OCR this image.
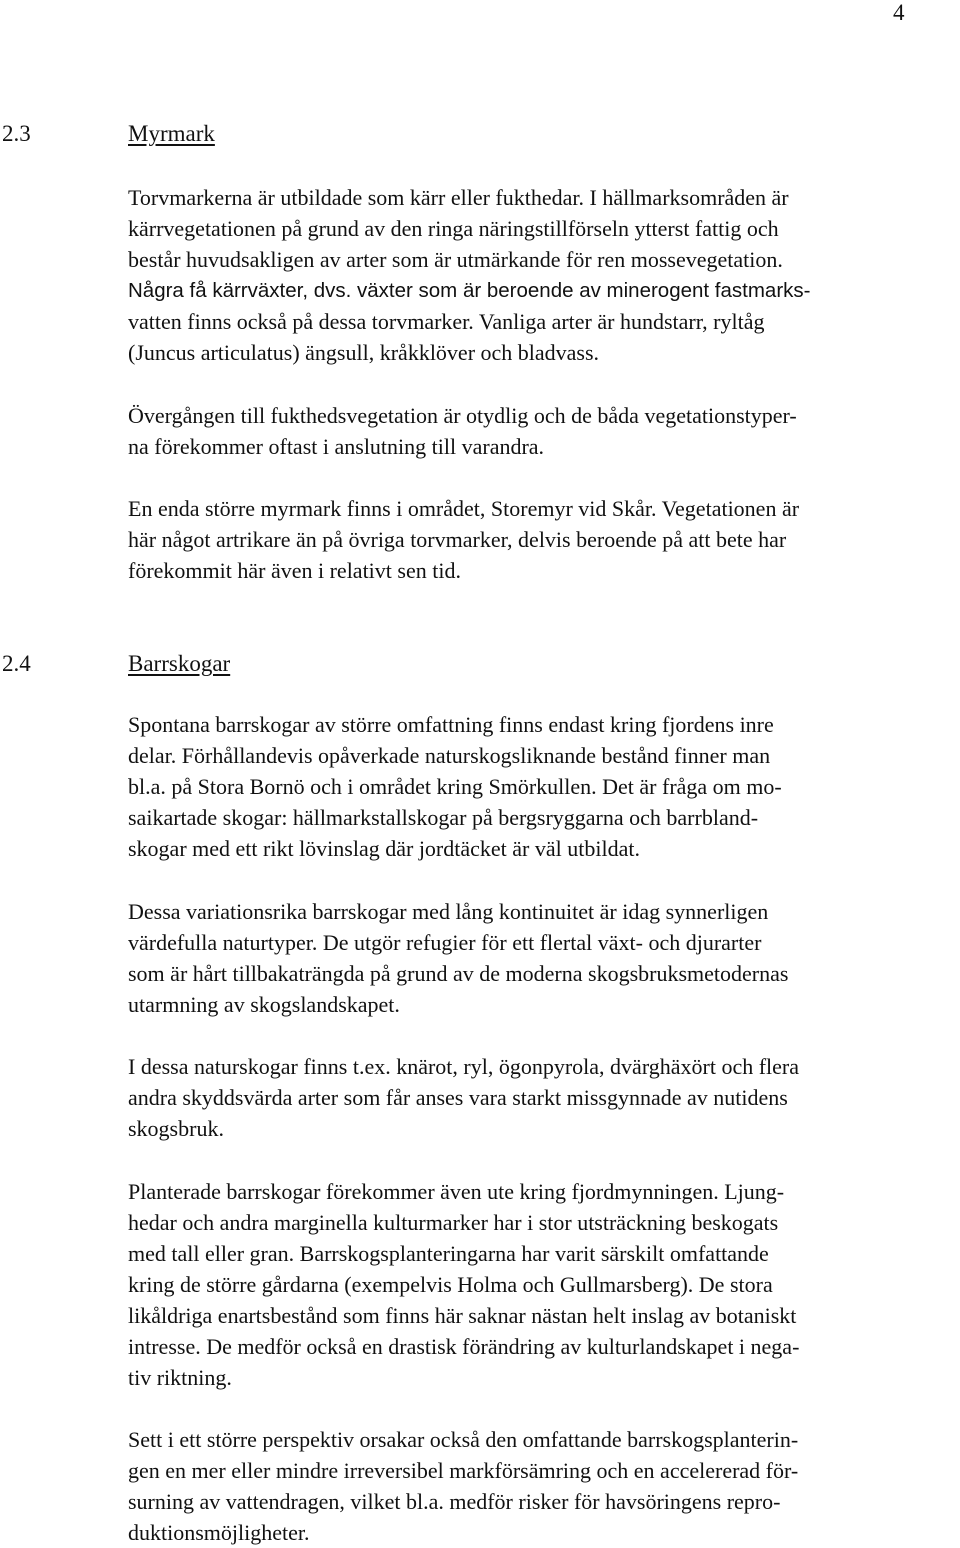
4
2.3	Myrmark
Torvmarkerna är utbildade som kärr eller fukthedar. I hällmarksområden är
kärrvegetationen på grund av den ringa näringstillförseln ytterst fattig och
består huvudsakligen av arter som är utmärkande för ren mossevegetation.
Några få kärrväxter, dvs. växter som är beroende av minerogent fastmarks-
vatten finns också på dessa torvmarker. Vanliga arter är hundstarr, ryltåg
(Juncus articulatus) ängsull, kråkklöver och bladvass.
Övergången till fukthedsvegetation är otydlig och de båda vegetationstyper-
na förekommer oftast i anslutning till varandra.
En enda större myrmark finns i området, Storemyr vid Skår. Vegetationen är
här något artrikare än på övriga torvmarker, delvis beroende på att bete har
förekommit här även i relativt sen tid.
2.4	Barrskogar
Spontana barrskogar av större omfattning finns endast kring fjordens inre
delar. Förhållandevis opåverkade naturskogsliknande bestånd finner man
bl.a. på Stora Bornö och i området kring Smörkullen. Det är fråga om mo-
saikartade skogar: hällmarkstallskogar på bergsryggarna och barrbland-
skogar med ett rikt lövinslag där jordtäcket är väl utbildat.
Dessa variationsrika barrskogar med lång kontinuitet är idag synnerligen
värdefulla naturtyper. De utgör refugier för ett flertal växt- och djurarter
som är hårt tillbakaträngda på grund av de moderna skogsbruksmetodernas
utarmning av skogslandskapet.
I dessa naturskogar finns t.ex. knärot, ryl, ögonpyrola, dvärghäxört och flera
andra skyddsvärda arter som får anses vara starkt missgynnade av nutidens
skogsbruk.
Planterade barrskogar förekommer även ute kring fjordmynningen. Ljung-
hedar och andra marginella kulturmarker har i stor utsträckning beskogats
med tall eller gran. Barrskogsplanteringarna har varit särskilt omfattande
kring de större gårdarna (exempelvis Holma och Gullmarsberg). De stora
likåldriga enartsbestånd som finns här saknar nästan helt inslag av botaniskt
intresse. De medför också en drastisk förändring av kulturlandskapet i nega-
tiv riktning.
Sett i ett större perspektiv orsakar också den omfattande barrskogsplanterin-
gen en mer eller mindre irreversibel markförsämring och en accelererad för-
surning av vattendragen, vilket bl.a. medför risker för havsöringens repro-
duktionsmöjligheter.
